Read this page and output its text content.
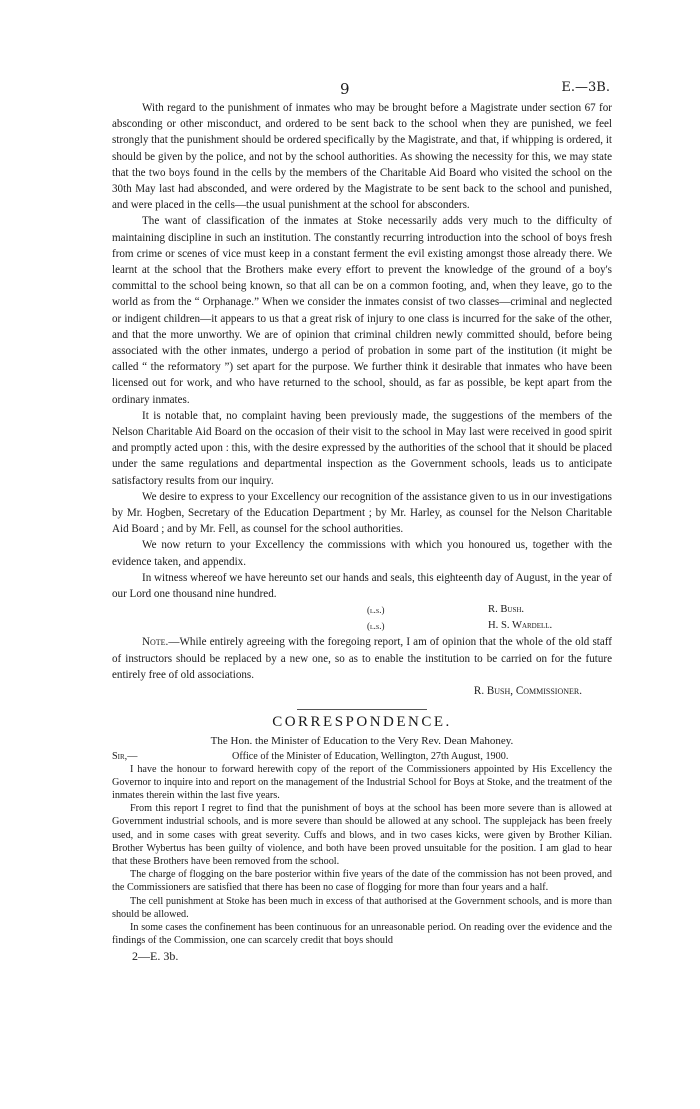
9	E.—3B.

With regard to the punishment of inmates who may be brought before a Magistrate under section 67 for absconding or other misconduct, and ordered to be sent back to the school when they are punished, we feel strongly that the punishment should be ordered specifically by the Magistrate, and that, if whipping is ordered, it should be given by the police, and not by the school authorities. As showing the necessity for this, we may state that the two boys found in the cells by the members of the Charitable Aid Board who visited the school on the 30th May last had absconded, and were ordered by the Magistrate to be sent back to the school and punished, and were placed in the cells—the usual punishment at the school for absconders.

The want of classification of the inmates at Stoke necessarily adds very much to the difficulty of maintaining discipline in such an institution. The constantly recurring introduction into the school of boys fresh from crime or scenes of vice must keep in a constant ferment the evil existing amongst those already there. We learnt at the school that the Brothers make every effort to prevent the knowledge of the ground of a boy's committal to the school being known, so that all can be on a common footing, and, when they leave, go to the world as from the “ Orphanage.” When we consider the inmates consist of two classes—criminal and neglected or indigent children—it appears to us that a great risk of injury to one class is incurred for the sake of the other, and that the more unworthy. We are of opinion that criminal children newly committed should, before being associated with the other inmates, undergo a period of probation in some part of the institution (it might be called “ the reformatory ”) set apart for the purpose. We further think it desirable that inmates who have been licensed out for work, and who have returned to the school, should, as far as possible, be kept apart from the ordinary inmates.

It is notable that, no complaint having been previously made, the suggestions of the members of the Nelson Charitable Aid Board on the occasion of their visit to the school in May last were received in good spirit and promptly acted upon : this, with the desire expressed by the authorities of the school that it should be placed under the same regulations and departmental inspection as the Government schools, leads us to anticipate satisfactory results from our inquiry.

We desire to express to your Excellency our recognition of the assistance given to us in our investigations by Mr. Hogben, Secretary of the Education Department ; by Mr. Harley, as counsel for the Nelson Charitable Aid Board ; and by Mr. Fell, as counsel for the school authorities.

We now return to your Excellency the commissions with which you honoured us, together with the evidence taken, and appendix.

In witness whereof we have hereunto set our hands and seals, this eighteenth day of August, in the year of our Lord one thousand nine hundred.

(l.s.)	R. Bush.
(l.s.)	H. S. Wardell.

Note.—While entirely agreeing with the foregoing report, I am of opinion that the whole of the old staff of instructors should be replaced by a new one, so as to enable the institution to be carried on for the future entirely free of old associations.

R. Bush, Commissioner.
CORRESPONDENCE.
The Hon. the Minister of Education to the Very Rev. Dean Mahoney.
Sir,—	Office of the Minister of Education, Wellington, 27th August, 1900.

I have the honour to forward herewith copy of the report of the Commissioners appointed by His Excellency the Governor to inquire into and report on the management of the Industrial School for Boys at Stoke, and the treatment of the inmates therein within the last five years.

From this report I regret to find that the punishment of boys at the school has been more severe than is allowed at Government industrial schools, and is more severe than should be allowed at any school. The supplejack has been freely used, and in some cases with great severity. Cuffs and blows, and in two cases kicks, were given by Brother Kilian. Brother Wybertus has been guilty of violence, and both have been proved unsuitable for the position. I am glad to hear that these Brothers have been removed from the school.

The charge of flogging on the bare posterior within five years of the date of the commission has not been proved, and the Commissioners are satisfied that there has been no case of flogging for more than four years and a half.

The cell punishment at Stoke has been much in excess of that authorised at the Government schools, and is more than should be allowed.

In some cases the confinement has been continuous for an unreasonable period. On reading over the evidence and the findings of the Commission, one can scarcely credit that boys should

2—E. 3b.
